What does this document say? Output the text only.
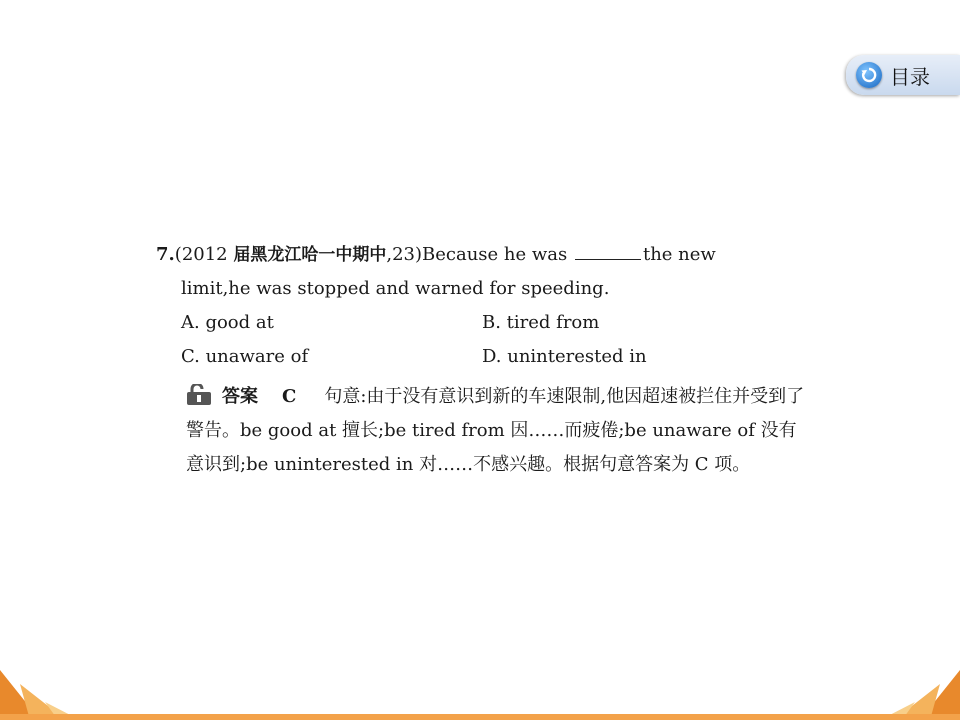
目录
7.(2012 届黑龙江哈一中期中,23)Because he was	the new
limit,he was stopped and warned for speeding.
A. good at	B. tired from
C. unaware of	D. uninterested in
答案 C 句意:由于没有意识到新的车速限制,他因超速被拦住并受到了警告。be good at 擅长;be tired from 因……而疲倦;be unaware of 没有意识到;be uninterested in 对……不感兴趣。根据句意答案为 C 项。
